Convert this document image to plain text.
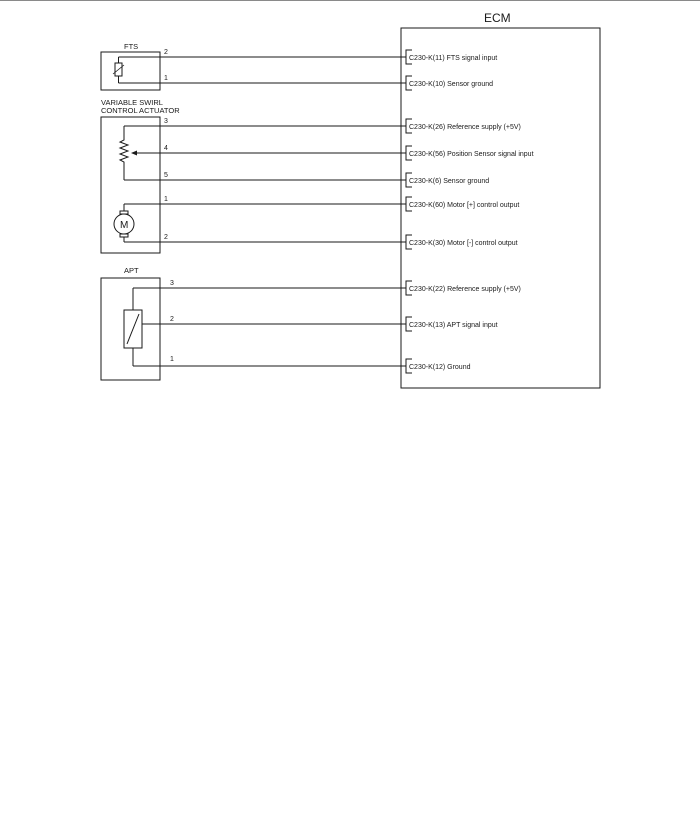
ECM
FTS
2
1
VARIABLE SWIRL
CONTROL ACTUATOR
M
3
4
5
1
2
APT
3
2
1
C230-K(11) FTS signal input
C230-K(10) Sensor ground
C230-K(26) Reference supply (+5V)
C230-K(56) Position Sensor signal input
C230-K(6) Sensor ground
C230-K(60) Motor [+] control output
C230-K(30) Motor [-] control output
C230-K(22) Reference supply (+5V)
C230-K(13) APT signal input
C230-K(12) Ground
